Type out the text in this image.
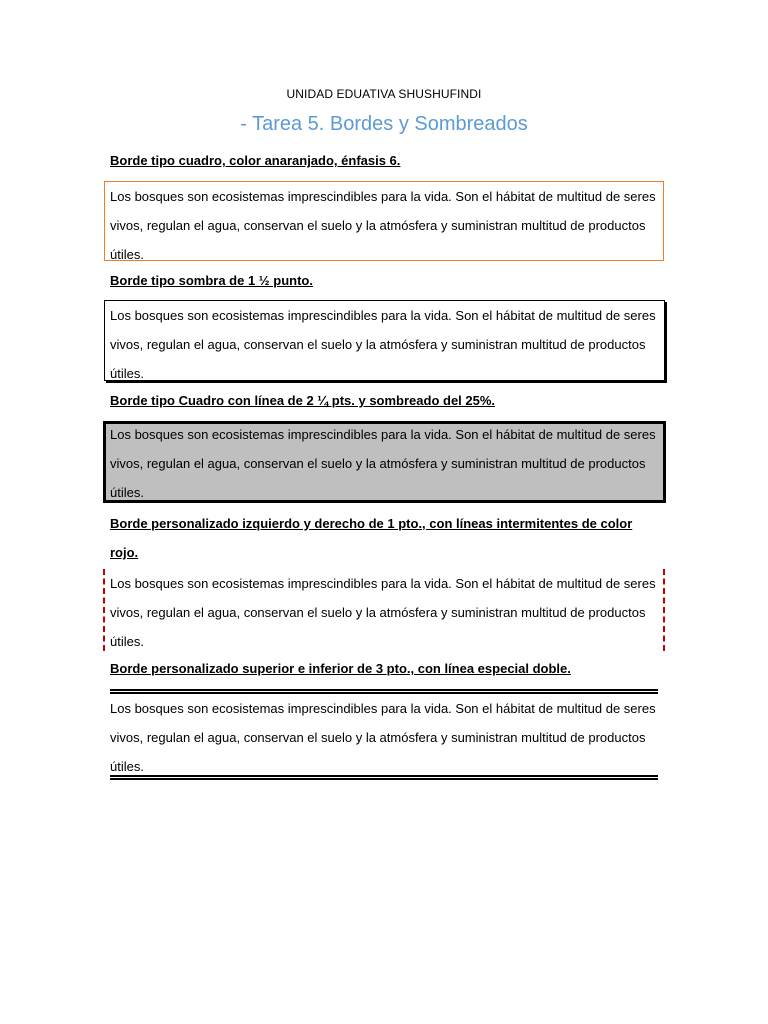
UNIDAD EDUATIVA SHUSHUFINDI
- Tarea 5. Bordes y Sombreados
Borde tipo cuadro, color anaranjado, énfasis 6.
Los bosques son ecosistemas imprescindibles para la vida. Son el hábitat de multitud de seres vivos, regulan el agua, conservan el suelo y la atmósfera y suministran multitud de productos útiles.
Borde tipo sombra de 1 ½ punto.
Los bosques son ecosistemas imprescindibles para la vida. Son el hábitat de multitud de seres vivos, regulan el agua, conservan el suelo y la atmósfera y suministran multitud de productos útiles.
Borde tipo Cuadro con línea de 2 ¼ pts. y sombreado del 25%.
Los bosques son ecosistemas imprescindibles para la vida. Son el hábitat de multitud de seres vivos, regulan el agua, conservan el suelo y la atmósfera y suministran multitud de productos útiles.
Borde personalizado izquierdo y derecho de 1 pto., con líneas intermitentes de color rojo.
Los bosques son ecosistemas imprescindibles para la vida. Son el hábitat de multitud de seres vivos, regulan el agua, conservan el suelo y la atmósfera y suministran multitud de productos útiles.
Borde personalizado superior e inferior de 3 pto., con línea especial doble.
Los bosques son ecosistemas imprescindibles para la vida. Son el hábitat de multitud de seres vivos, regulan el agua, conservan el suelo y la atmósfera y suministran multitud de productos útiles.
